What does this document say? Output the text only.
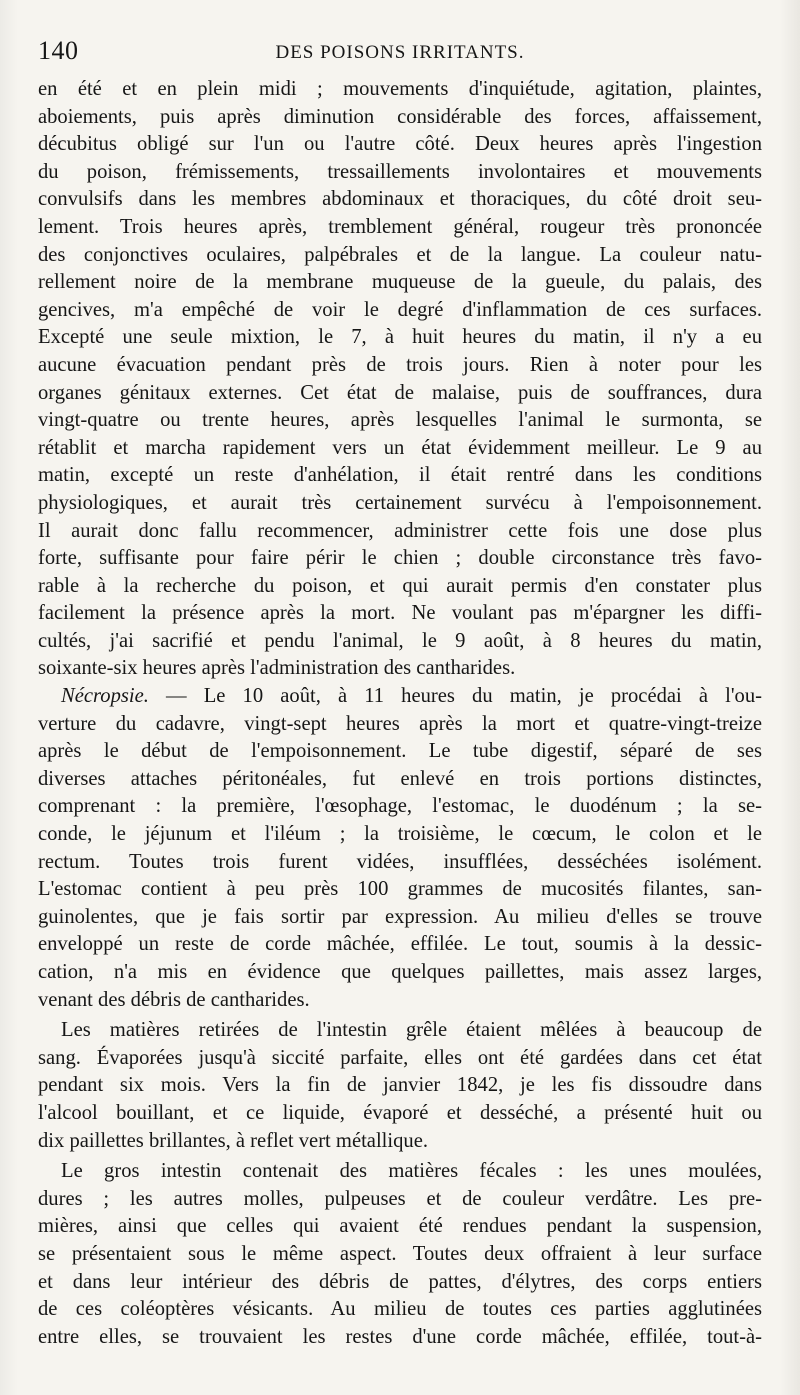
140	DES POISONS IRRITANTS.
en été et en plein midi ; mouvements d'inquiétude, agitation, plaintes,
aboiements, puis après diminution considérable des forces, affaissement,
décubitus obligé sur l'un ou l'autre côté. Deux heures après l'ingestion
du poison, frémissements, tressaillements involontaires et mouvements
convulsifs dans les membres abdominaux et thoraciques, du côté droit seu-
lement. Trois heures après, tremblement général, rougeur très prononcée
des conjonctives oculaires, palpébrales et de la langue. La couleur natu-
rellement noire de la membrane muqueuse de la gueule, du palais, des
gencives, m'a empêché de voir le degré d'inflammation de ces surfaces.
Excepté une seule mixtion, le 7, à huit heures du matin, il n'y a eu
aucune évacuation pendant près de trois jours. Rien à noter pour les
organes génitaux externes. Cet état de malaise, puis de souffrances, dura
vingt-quatre ou trente heures, après lesquelles l'animal le surmonta, se
rétablit et marcha rapidement vers un état évidemment meilleur. Le 9 au
matin, excepté un reste d'anhélation, il était rentré dans les conditions
physiologiques, et aurait très certainement survécu à l'empoisonnement.
Il aurait donc fallu recommencer, administrer cette fois une dose plus
forte, suffisante pour faire périr le chien ; double circonstance très favo-
rable à la recherche du poison, et qui aurait permis d'en constater plus
facilement la présence après la mort. Ne voulant pas m'épargner les diffi-
cultés, j'ai sacrifié et pendu l'animal, le 9 août, à 8 heures du matin,
soixante-six heures après l'administration des cantharides.
Nécropsie. — Le 10 août, à 11 heures du matin, je procédai à l'ou-
verture du cadavre, vingt-sept heures après la mort et quatre-vingt-treize
après le début de l'empoisonnement. Le tube digestif, séparé de ses
diverses attaches péritonéales, fut enlevé en trois portions distinctes,
comprenant : la première, l'œsophage, l'estomac, le duodénum ; la se-
conde, le jéjunum et l'iléum ; la troisième, le cœcum, le colon et le
rectum. Toutes trois furent vidées, insufflées, desséchées isolément.
L'estomac contient à peu près 100 grammes de mucosités filantes, san-
guinolentes, que je fais sortir par expression. Au milieu d'elles se trouve
enveloppé un reste de corde mâchée, effilée. Le tout, soumis à la dessic-
cation, n'a mis en évidence que quelques paillettes, mais assez larges,
venant des débris de cantharides.
Les matières retirées de l'intestin grêle étaient mêlées à beaucoup de
sang. Évaporées jusqu'à siccité parfaite, elles ont été gardées dans cet état
pendant six mois. Vers la fin de janvier 1842, je les fis dissoudre dans
l'alcool bouillant, et ce liquide, évaporé et desséché, a présenté huit ou
dix paillettes brillantes, à reflet vert métallique.
Le gros intestin contenait des matières fécales : les unes moulées,
dures ; les autres molles, pulpeuses et de couleur verdâtre. Les pre-
mières, ainsi que celles qui avaient été rendues pendant la suspension,
se présentaient sous le même aspect. Toutes deux offraient à leur surface
et dans leur intérieur des débris de pattes, d'élytres, des corps entiers
de ces coléoptères vésicants. Au milieu de toutes ces parties agglutinées
entre elles, se trouvaient les restes d'une corde mâchée, effilée, tout-à-
